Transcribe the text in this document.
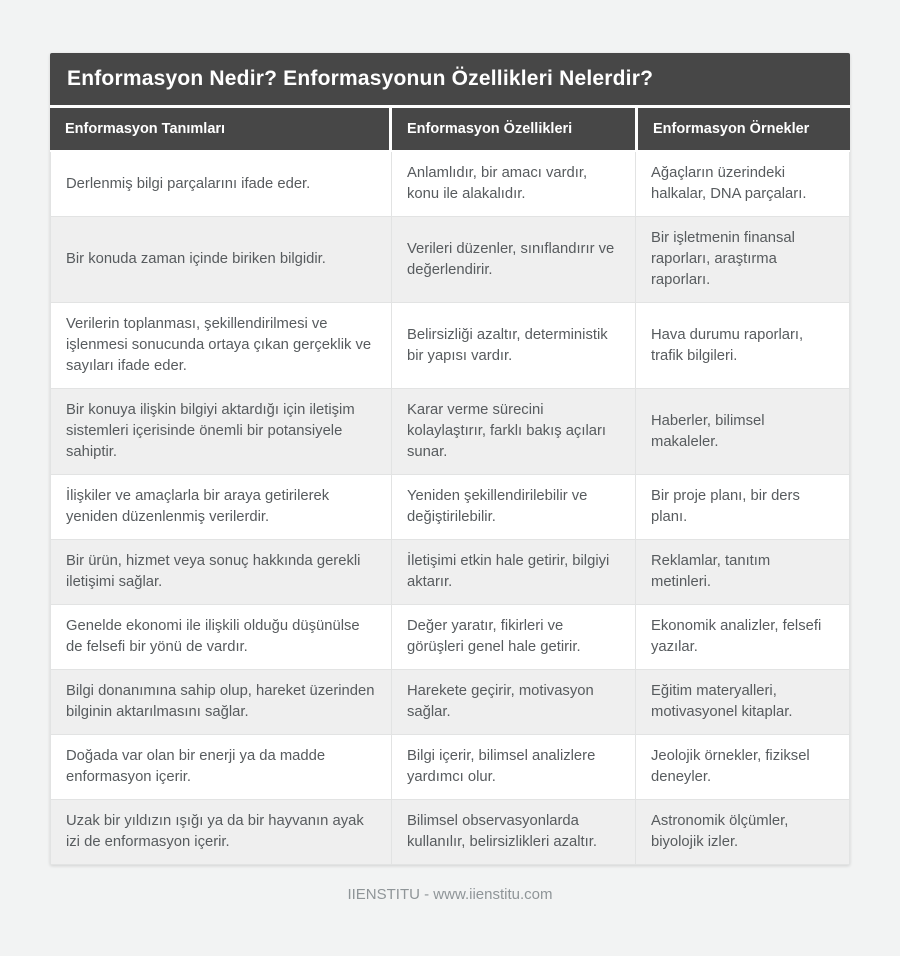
Enformasyon Nedir? Enformasyonun Özellikleri Nelerdir?
Enformasyon Tanımları	Enformasyon Özellikleri	Enformasyon Örnekler
Derlenmiş bilgi parçalarını ifade eder.
Anlamlıdır, bir amacı vardır, konu ile alakalıdır.
Ağaçların üzerindeki halkalar, DNA parçaları.
Bir konuda zaman içinde biriken bilgidir.
Verileri düzenler, sınıflandırır ve değerlendirir.
Bir işletmenin finansal raporları, araştırma raporları.
Verilerin toplanması, şekillendirilmesi ve işlenmesi sonucunda ortaya çıkan gerçeklik ve sayıları ifade eder.
Belirsizliği azaltır, deterministik bir yapısı vardır.
Hava durumu raporları, trafik bilgileri.
Bir konuya ilişkin bilgiyi aktardığı için iletişim sistemleri içerisinde önemli bir potansiyele sahiptir.
Karar verme sürecini kolaylaştırır, farklı bakış açıları sunar.
Haberler, bilimsel makaleler.
İlişkiler ve amaçlarla bir araya getirilerek yeniden düzenlenmiş verilerdir.
Yeniden şekillendirilebilir ve değiştirilebilir.
Bir proje planı, bir ders planı.
Bir ürün, hizmet veya sonuç hakkında gerekli iletişimi sağlar.
İletişimi etkin hale getirir, bilgiyi aktarır.
Reklamlar, tanıtım metinleri.
Genelde ekonomi ile ilişkili olduğu düşünülse de felsefi bir yönü de vardır.
Değer yaratır, fikirleri ve görüşleri genel hale getirir.
Ekonomik analizler, felsefi yazılar.
Bilgi donanımına sahip olup, hareket üzerinden bilginin aktarılmasını sağlar.
Harekete geçirir, motivasyon sağlar.
Eğitim materyalleri, motivasyonel kitaplar.
Doğada var olan bir enerji ya da madde enformasyon içerir.
Bilgi içerir, bilimsel analizlere yardımcı olur.
Jeolojik örnekler, fiziksel deneyler.
Uzak bir yıldızın ışığı ya da bir hayvanın ayak izi de enformasyon içerir.
Bilimsel observasyonlarda kullanılır, belirsizlikleri azaltır.
Astronomik ölçümler, biyolojik izler.
IIENSTITU - www.iienstitu.com
